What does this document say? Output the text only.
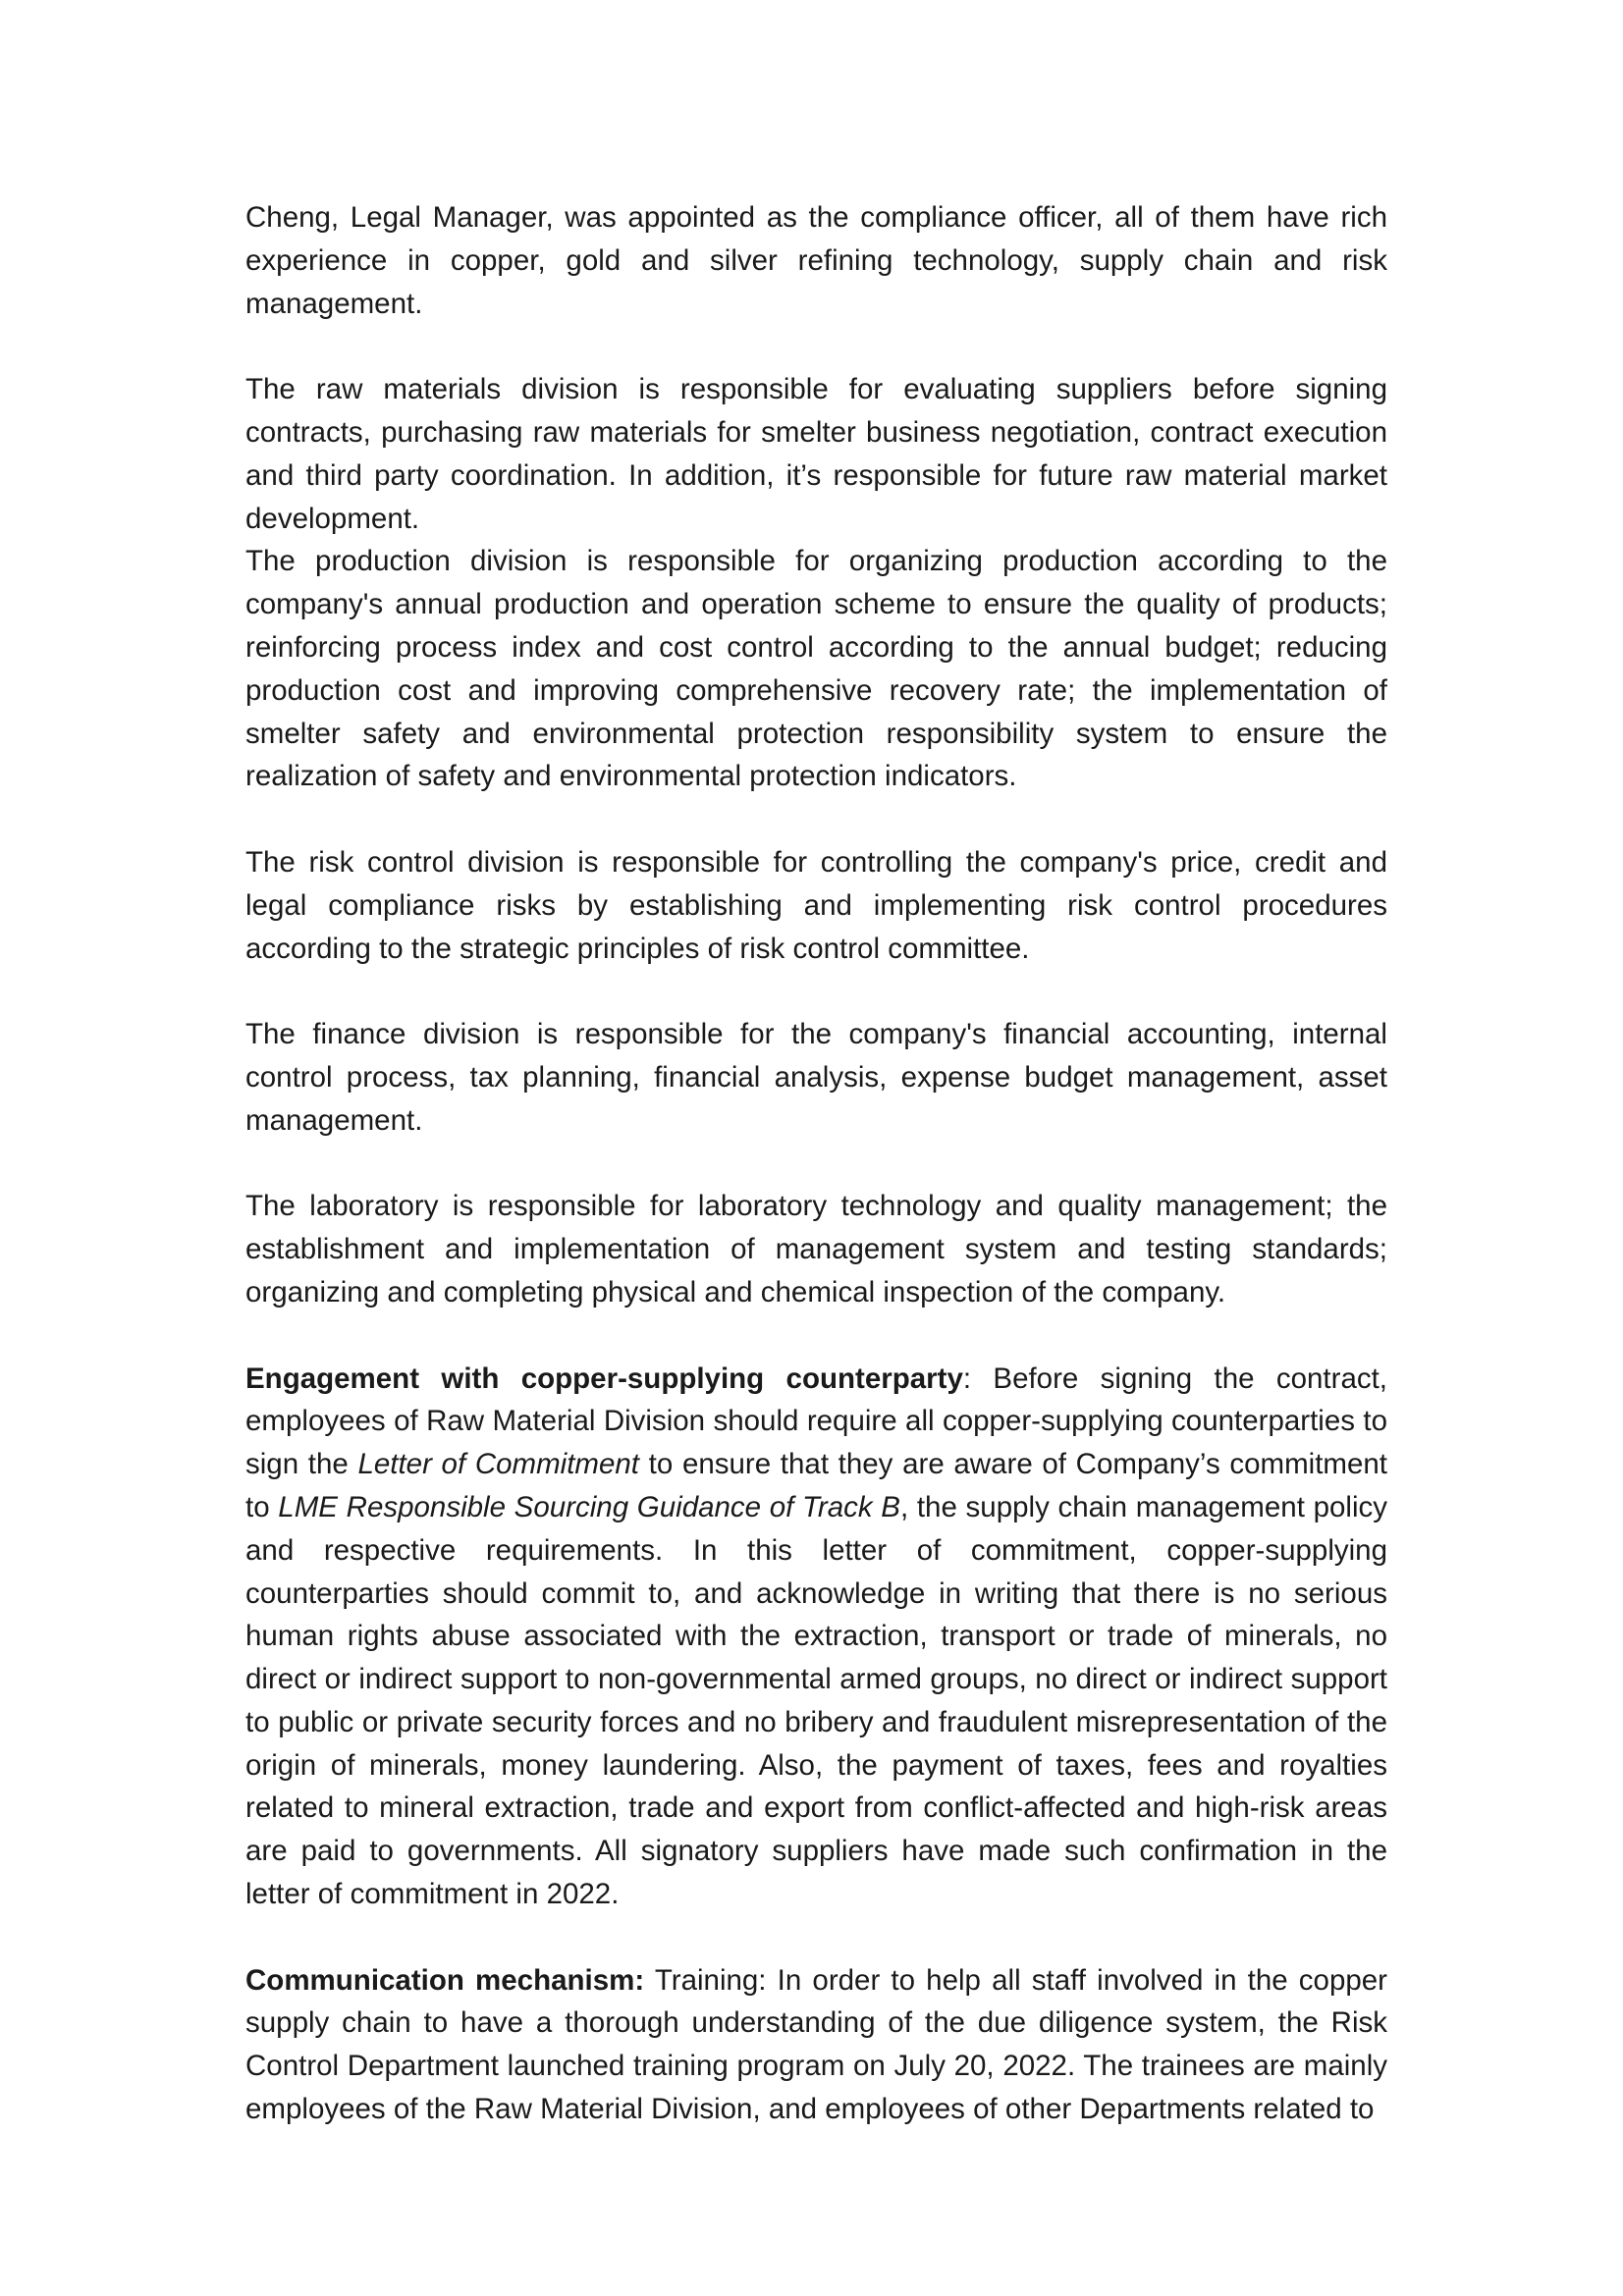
Cheng, Legal Manager, was appointed as the compliance officer, all of them have rich experience in copper, gold and silver refining technology, supply chain and risk management.

The raw materials division is responsible for evaluating suppliers before signing contracts, purchasing raw materials for smelter business negotiation, contract execution and third party coordination. In addition, it’s responsible for future raw material market development.

The production division is responsible for organizing production according to the company's annual production and operation scheme to ensure the quality of products; reinforcing process index and cost control according to the annual budget; reducing production cost and improving comprehensive recovery rate; the implementation of smelter safety and environmental protection responsibility system to ensure the realization of safety and environmental protection indicators.

The risk control division is responsible for controlling the company's price, credit and legal compliance risks by establishing and implementing risk control procedures according to the strategic principles of risk control committee.

The finance division is responsible for the company's financial accounting, internal control process, tax planning, financial analysis, expense budget management, asset management.

The laboratory is responsible for laboratory technology and quality management; the establishment and implementation of management system and testing standards; organizing and completing physical and chemical inspection of the company.

Engagement with copper-supplying counterparty: Before signing the contract, employees of Raw Material Division should require all copper-supplying counterparties to sign the Letter of Commitment to ensure that they are aware of Company’s commitment to LME Responsible Sourcing Guidance of Track B, the supply chain management policy and respective requirements. In this letter of commitment, copper-supplying counterparties should commit to, and acknowledge in writing that there is no serious human rights abuse associated with the extraction, transport or trade of minerals, no direct or indirect support to non-governmental armed groups, no direct or indirect support to public or private security forces and no bribery and fraudulent misrepresentation of the origin of minerals, money laundering. Also, the payment of taxes, fees and royalties related to mineral extraction, trade and export from conflict-affected and high-risk areas are paid to governments. All signatory suppliers have made such confirmation in the letter of commitment in 2022.

Communication mechanism: Training: In order to help all staff involved in the copper supply chain to have a thorough understanding of the due diligence system, the Risk Control Department launched training program on July 20, 2022. The trainees are mainly employees of the Raw Material Division, and employees of other Departments related to
